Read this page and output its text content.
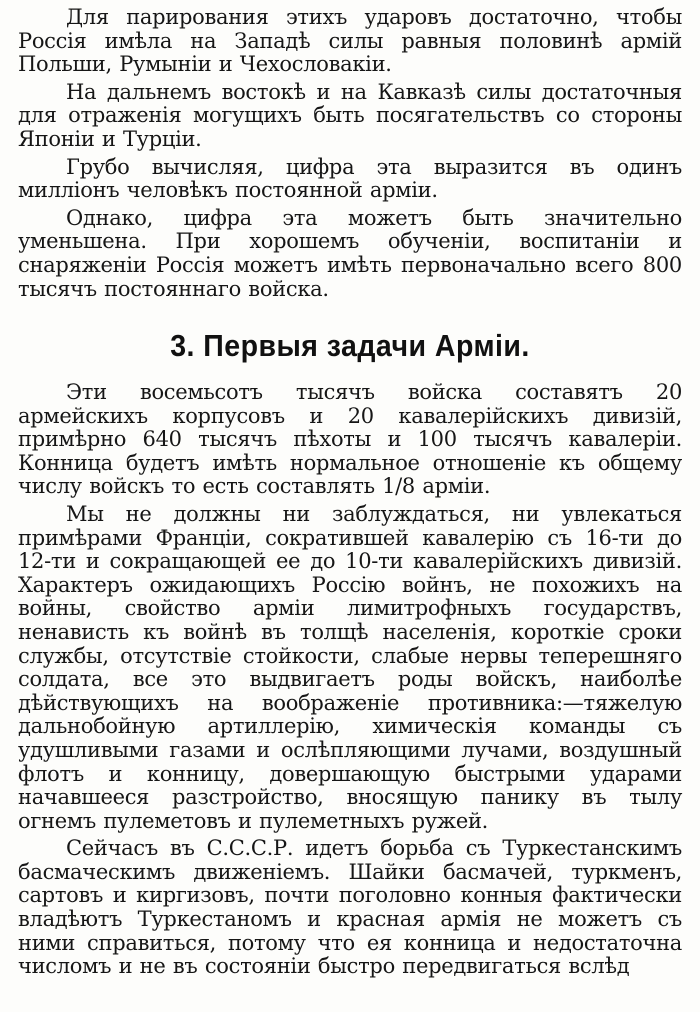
Для парирования этихъ ударовъ достаточно, чтобы Россія имѣла на Западѣ силы равныя половинѣ армій Польши, Румыніи и Чехословакіи.

На дальнемъ востокѣ и на Кавказѣ силы достаточныя для отраженія могущихъ быть посягательствъ со стороны Японіи и Турціи.

Грубо вычисляя, цифра эта выразится въ одинъ милліонъ человѣкъ постоянной арміи.

Однако, цифра эта можетъ быть значительно уменьшена. При хорошемъ обученіи, воспитаніи и снаряженіи Россія можетъ имѣть первоначально всего 800 тысячъ постояннаго войска.

3. Первыя задачи Арміи.

Эти восемьсотъ тысячъ войска составятъ 20 армейскихъ корпусовъ и 20 кавалерійскихъ дивизій, примѣрно 640 тысячъ пѣхоты и 100 тысячъ кавалеріи. Конница будетъ имѣть нормальное отношеніе къ общему числу войскъ то есть составлять 1/8 арміи.

Мы не должны ни заблуждаться, ни увлекаться примѣрами Франціи, сократившей кавалерію съ 16-ти до 12-ти и сокращающей ее до 10-ти кавалерійскихъ дивизій. Характеръ ожидающихъ Россію войнъ, не похожихъ на войны, свойство арміи лимитрофныхъ государствъ, ненависть къ войнѣ въ толщѣ населенія, короткіе сроки службы, отсутствіе стойкости, слабые нервы теперешняго солдата, все это выдвигаетъ роды войскъ, наиболѣе дѣйствующихъ на воображеніе противника:—тяжелую дальнобойную артиллерію, химическія команды съ удушливыми газами и ослѣпляющими лучами, воздушный флотъ и конницу, довершающую быстрыми ударами начавшееся разстройство, вносящую панику въ тылу огнемъ пулеметовъ и пулеметныхъ ружей.

Сейчасъ въ С.С.С.Р. идетъ борьба съ Туркестанскимъ басмаческимъ движеніемъ. Шайки басмачей, туркменъ, сартовъ и киргизовъ, почти поголовно конныя фактически владѣютъ Туркестаномъ и красная армія не можетъ съ ними справиться, потому что ея конница и недостаточна числомъ и не въ состояніи быстро передвигаться вслѣд
